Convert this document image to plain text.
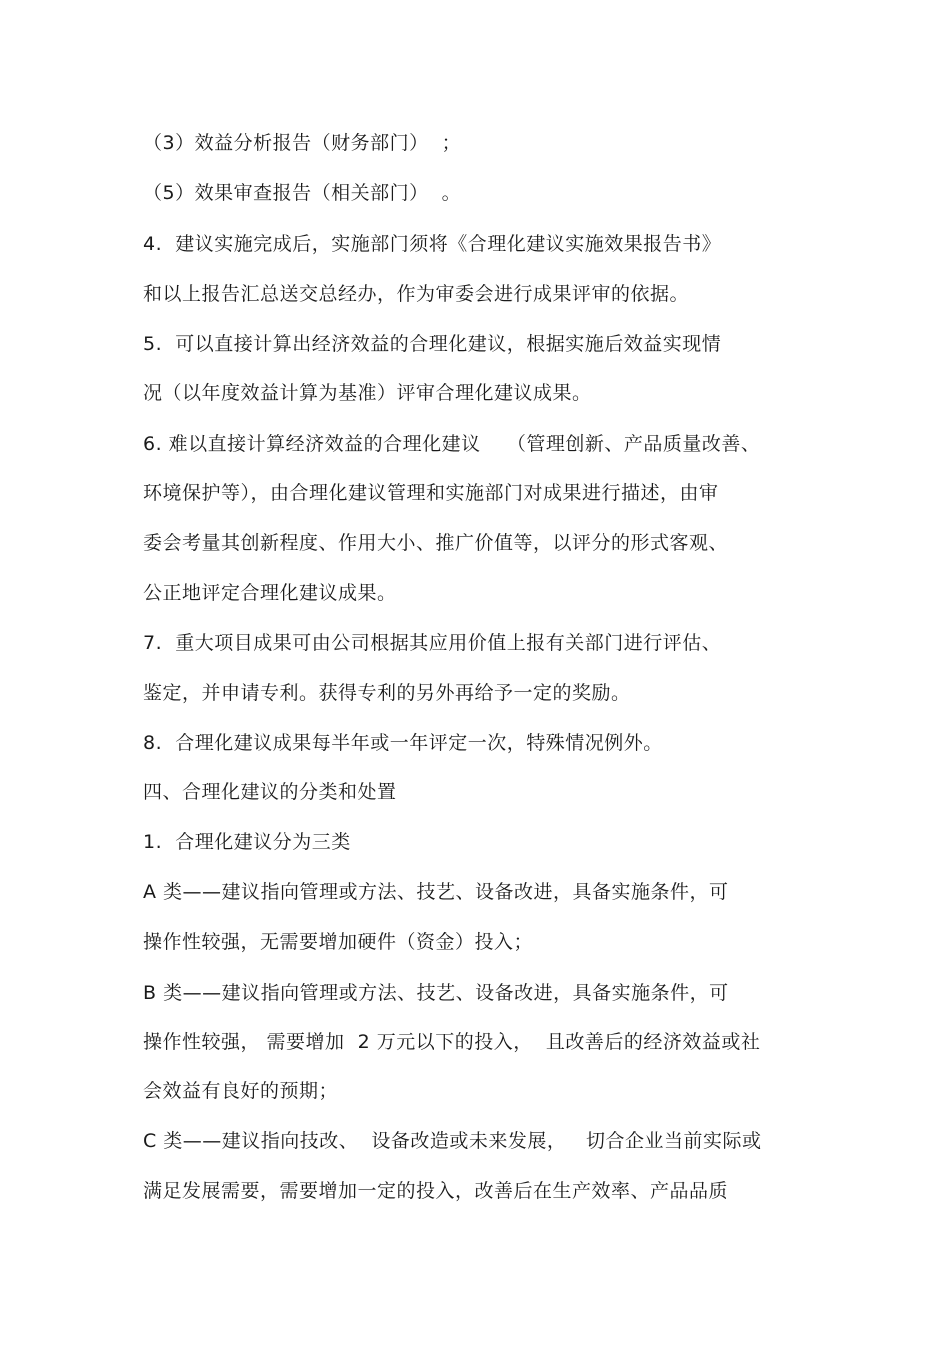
（3）效益分析报告（财务部门）  ；
（5）效果审查报告（相关部门）  。
4.  建议实施完成后，实施部门须将《合理化建议实施效果报告书》
和以上报告汇总送交总经办，作为审委会进行成果评审的依据。
5.  可以直接计算出经济效益的合理化建议，根据实施后效益实现情
况（以年度效益计算为基准）评审合理化建议成果。
6. 难以直接计算经济效益的合理化建议    （管理创新、产品质量改善、
环境保护等），由合理化建议管理和实施部门对成果进行描述，由审
委会考量其创新程度、作用大小、推广价值等，以评分的形式客观、
公正地评定合理化建议成果。
7.  重大项目成果可由公司根据其应用价值上报有关部门进行评估、
鉴定，并申请专利。获得专利的另外再给予一定的奖励。
8.  合理化建议成果每半年或一年评定一次，特殊情况例外。
四、合理化建议的分类和处置
1.  合理化建议分为三类
A 类——建议指向管理或方法、技艺、设备改进，具备实施条件，可
操作性较强，无需要增加硬件（资金）投入；
B 类——建议指向管理或方法、技艺、设备改进，具备实施条件，可
操作性较强， 需要增加  2 万元以下的投入，  且改善后的经济效益或社
会效益有良好的预期；
C 类——建议指向技改、  设备改造或未来发展，   切合企业当前实际或
满足发展需要，需要增加一定的投入，改善后在生产效率、产品品质
